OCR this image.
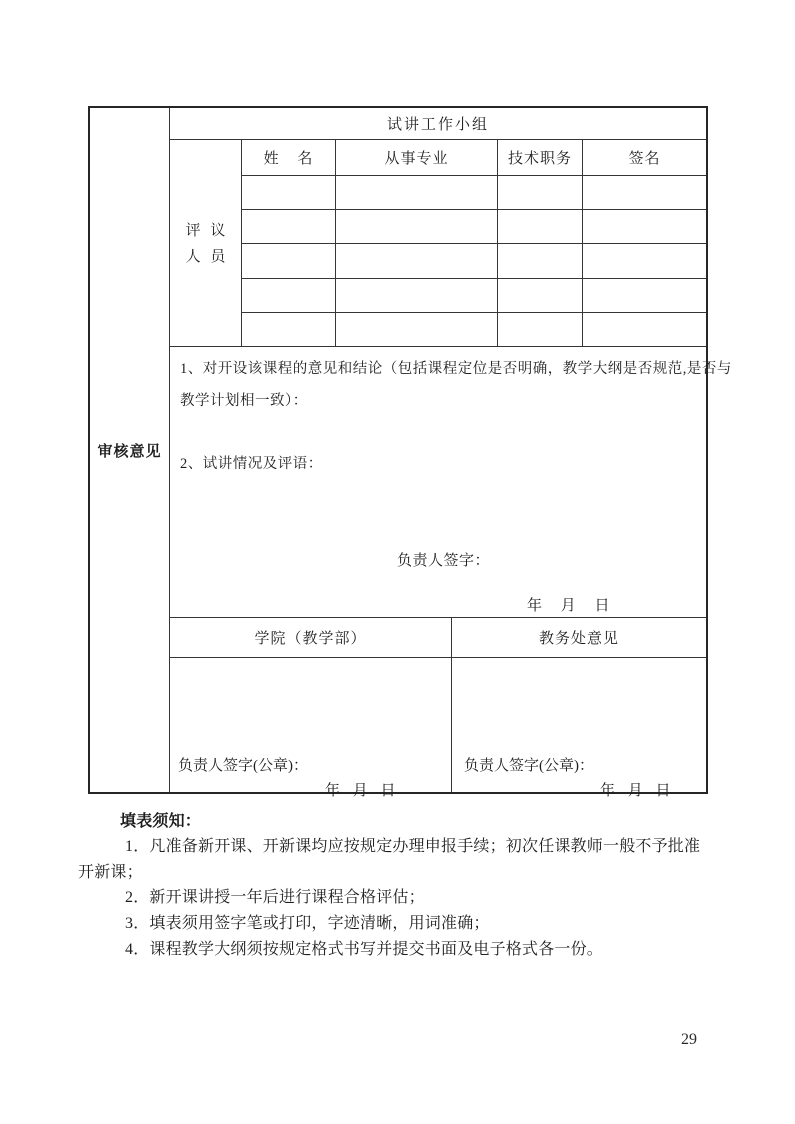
审核意见
试讲工作小组
评 议
人 员
姓 名	从事专业	技术职务	签名
1、对开设该课程的意见和结论（包括课程定位是否明确，教学大纲是否规范,是否与
教学计划相一致）：
2、试讲情况及评语：
负责人签字：
年 月 日
学院（教学部）	教务处意见
负责人签字(公章)：
年 月 日
负责人签字(公章)：
年 月 日
填表须知：
1．凡准备新开课、开新课均应按规定办理申报手续；初次任课教师一般不予批准
开新课；
2．新开课讲授一年后进行课程合格评估；
3．填表须用签字笔或打印，字迹清晰，用词准确；
4．课程教学大纲须按规定格式书写并提交书面及电子格式各一份。
29
